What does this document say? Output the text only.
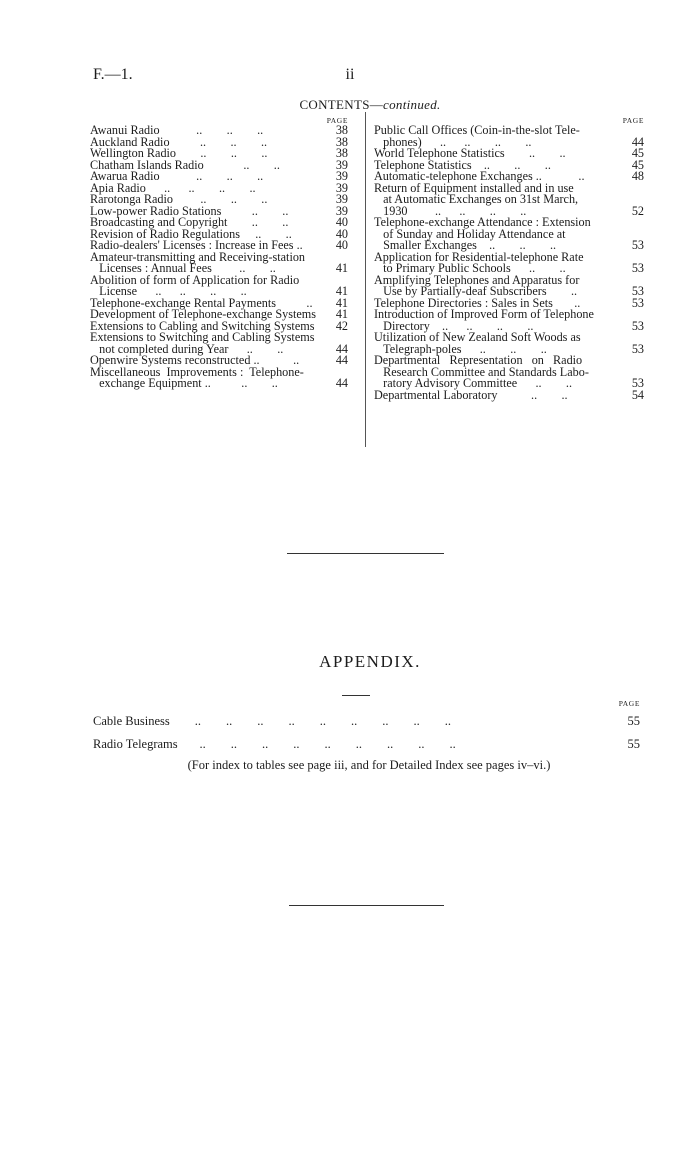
F.—1.	ii
CONTENTS—continued.
PAGE
Awanui Radio            ..        ..        ..	38
Auckland Radio          ..        ..        ..	38
Wellington Radio        ..        ..        ..	38
Chatham Islands Radio             ..        ..	39
Awarua Radio            ..        ..        ..	39
Apia Radio      ..      ..        ..        ..	39
Rarotonga Radio         ..        ..        ..	39
Low-power Radio Stations          ..        ..	39
Broadcasting and Copyright        ..        ..	40
Revision of Radio Regulations     ..        ..	40
Radio-dealers' Licenses : Increase in Fees ..	40
Amateur-transmitting and Receiving-station
Licenses : Annual Fees         ..        ..	41
Abolition of form of Application for Radio
License      ..      ..        ..        ..	41
Telephone-exchange Rental Payments          ..	41
Development of Telephone-exchange Systems	41
Extensions to Cabling and Switching Systems	42
Extensions to Switching and Cabling Systems
not completed during Year      ..        ..	44
Openwire Systems reconstructed ..           ..	44
Miscellaneous  Improvements :  Telephone-
exchange Equipment ..          ..        ..	44
PAGE
Public Call Offices (Coin-in-the-slot Tele-
phones)      ..      ..        ..        ..	44
World Telephone Statistics        ..        ..	45
Telephone Statistics    ..        ..        ..	45
Automatic-telephone Exchanges ..            ..	48
Return of Equipment installed and in use
at Automatic Exchanges on 31st March,
1930         ..      ..        ..        ..	52
Telephone-exchange Attendance : Extension
of Sunday and Holiday Attendance at
Smaller Exchanges    ..        ..        ..	53
Application for Residential-telephone Rate
to Primary Public Schools      ..        ..	53
Amplifying Telephones and Apparatus for
Use by Partially-deaf Subscribers        ..	53
Telephone Directories : Sales in Sets       ..	53
Introduction of Improved Form of Telephone
Directory    ..      ..        ..        ..	53
Utilization of New Zealand Soft Woods as
Telegraph-poles      ..        ..        ..	53
Departmental   Representation   on   Radio
Research Committee and Standards Labo-
ratory Advisory Committee      ..        ..	53
Departmental Laboratory           ..        ..	54
APPENDIX.
PAGE
Cable Business        ..        ..        ..        ..        ..        ..        ..        ..        ..	55
Radio Telegrams       ..        ..        ..        ..        ..        ..        ..        ..        ..	55
(For index to tables see page iii, and for Detailed Index see pages iv–vi.)
